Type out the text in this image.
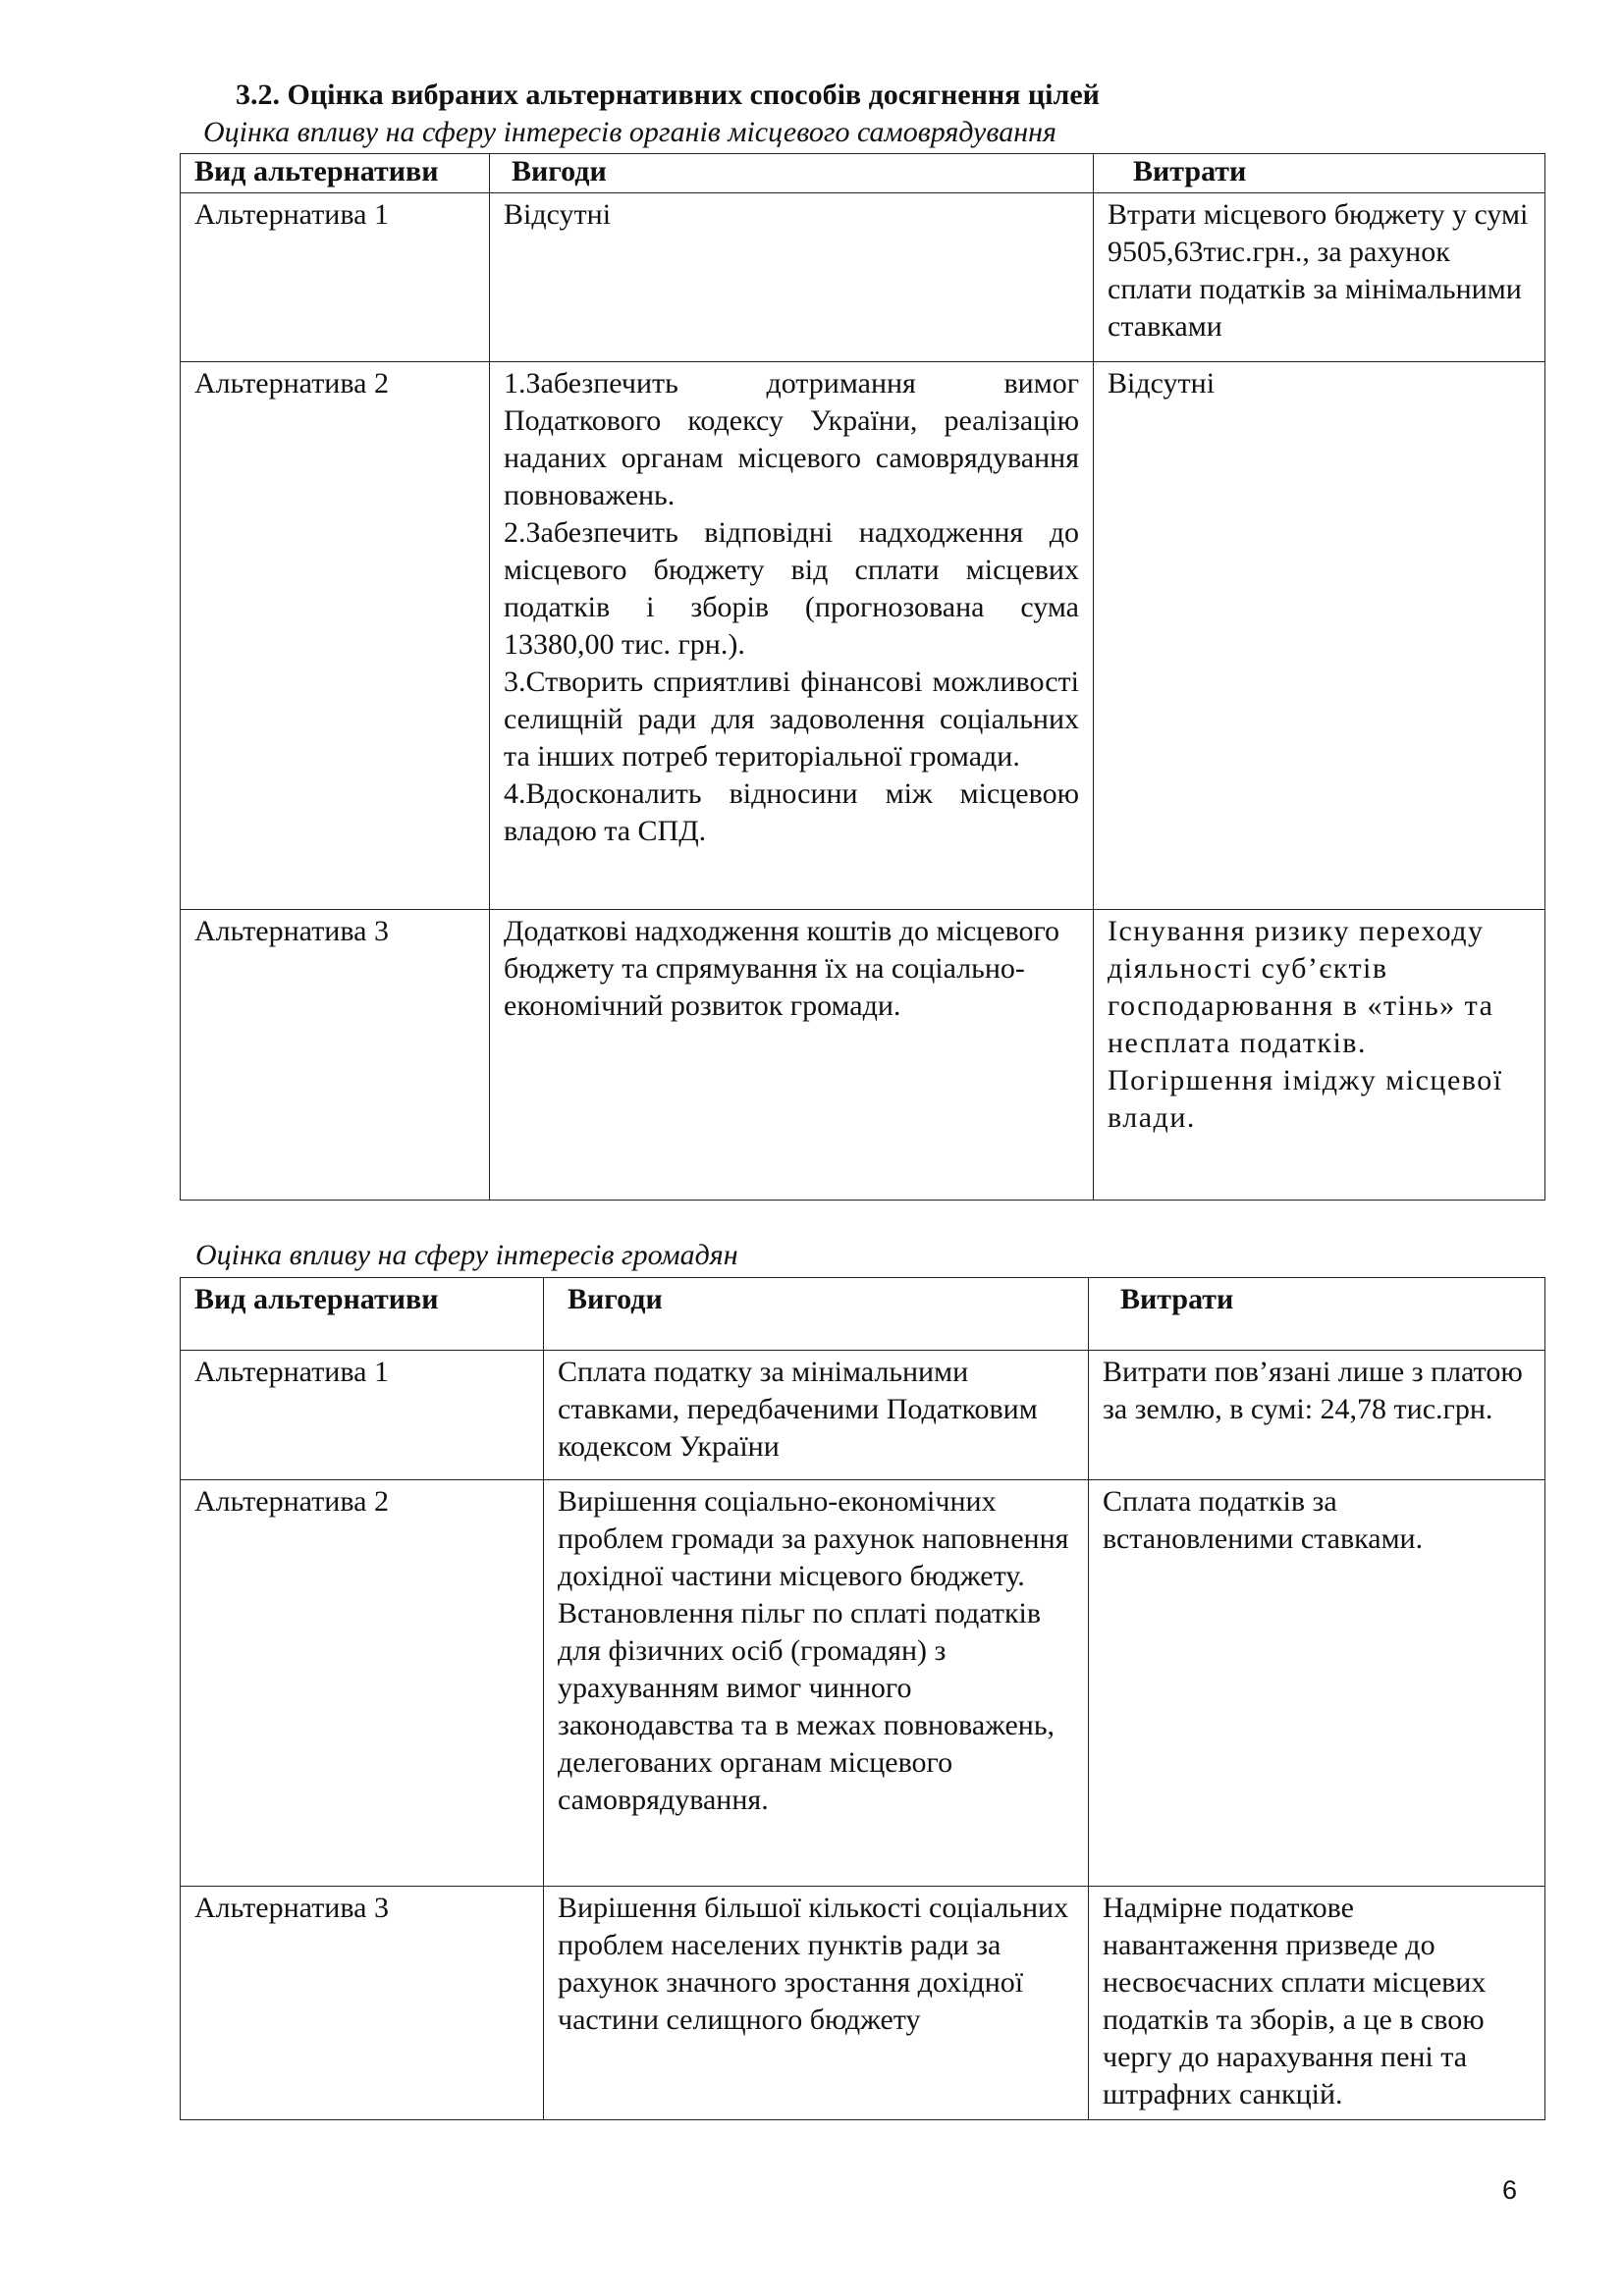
3.2. Оцінка вибраних альтернативних способів досягнення цілей
Оцінка впливу на сферу інтересів органів місцевого самоврядування
Вид альтернативи	Вигоди	Витрати
Альтернатива 1	Відсутні	Втрати місцевого бюджету у сумі 9505,63тис.грн., за рахунок сплати податків за мінімальними ставками
Альтернатива 2	1.Забезпечить дотримання вимог Податкового кодексу України, реалізацію наданих органам місцевого самоврядування повноважень.
2.Забезпечить відповідні надходження до місцевого бюджету від сплати місцевих податків і зборів (прогнозована сума 13380,00 тис. грн.).
3.Створить сприятливі фінансові можливості селищній ради для задоволення соціальних та інших потреб територіальної громади.
4.Вдосконалить відносини між місцевою владою та СПД.	Відсутні
Альтернатива 3	Додаткові надходження коштів до місцевого бюджету та спрямування їх на соціально-економічний розвиток громади.	Існування ризику переходу діяльності суб’єктів господарювання в «тінь» та несплата податків. Погіршення іміджу місцевої влади.
Оцінка впливу на сферу інтересів громадян
Вид альтернативи	Вигоди	Витрати
Альтернатива 1	Сплата податку за мінімальними ставками, передбаченими Податковим кодексом України	Витрати пов’язані лише з платою за землю, в сумі: 24,78 тис.грн.
Альтернатива 2	Вирішення соціально-економічних проблем громади за рахунок наповнення дохідної частини місцевого бюджету. Встановлення пільг по сплаті податків для фізичних осіб (громадян) з урахуванням вимог чинного законодавства та в межах повноважень, делегованих органам місцевого самоврядування.	Сплата податків за встановленими ставками.
Альтернатива 3	Вирішення більшої кількості соціальних проблем населених пунктів ради за рахунок значного зростання дохідної частини селищного бюджету	Надмірне податкове навантаження призведе до несвоєчасних сплати місцевих податків та зборів, а це в свою чергу до нарахування пені та штрафних санкцій.
6
